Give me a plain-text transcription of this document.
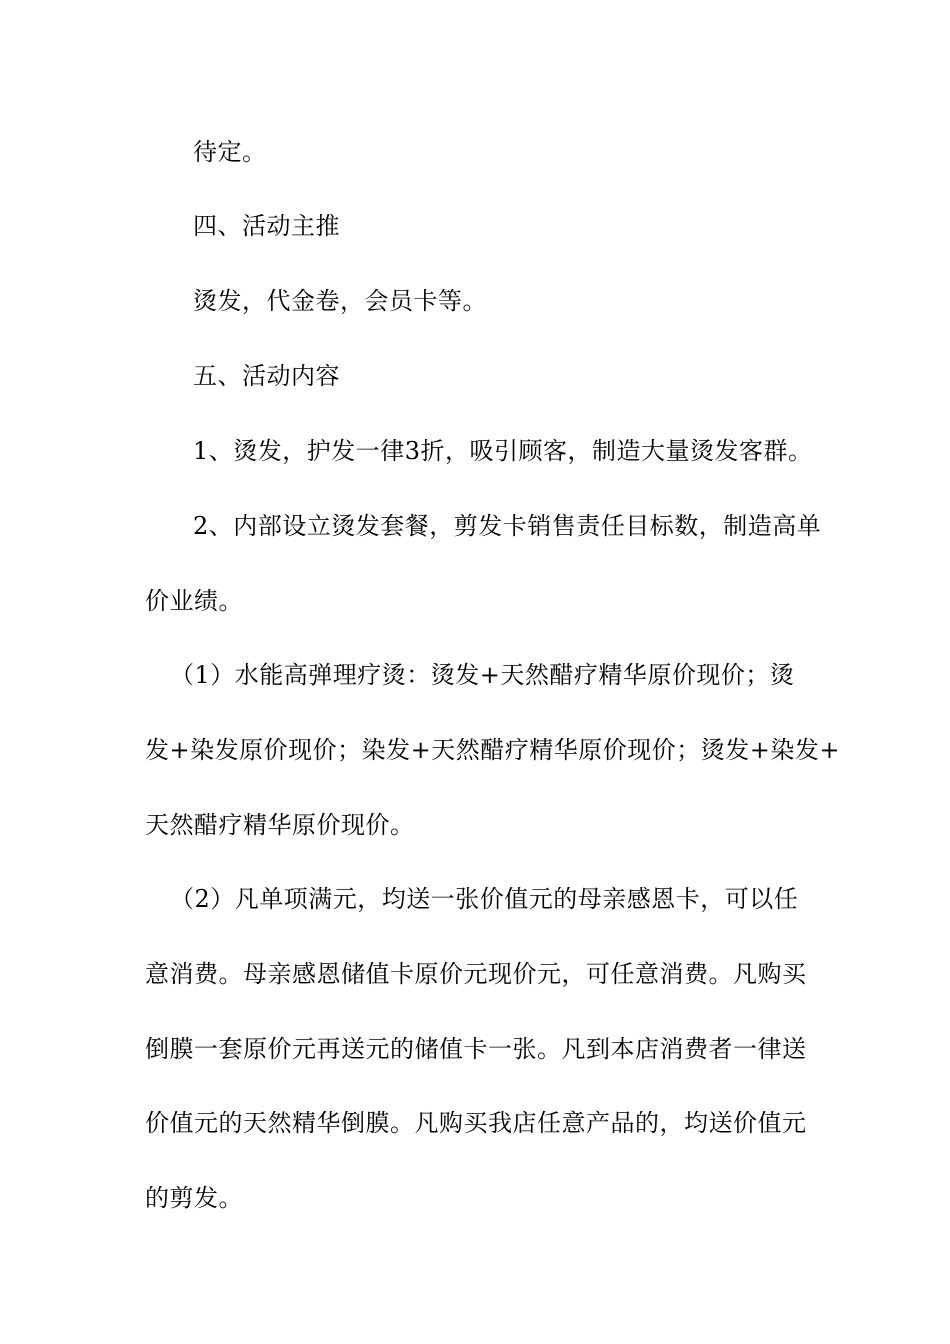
待定。
四、活动主推
烫发，代金卷，会员卡等。
五、活动内容
1、烫发，护发一律3折，吸引顾客，制造大量烫发客群。
2、内部设立烫发套餐，剪发卡销售责任目标数，制造高单
价业绩。
（1）水能高弹理疗烫：烫发+天然醋疗精华原价现价；烫
发+染发原价现价；染发+天然醋疗精华原价现价；烫发+染发+
天然醋疗精华原价现价。
（2）凡单项满元，均送一张价值元的母亲感恩卡，可以任
意消费。母亲感恩储值卡原价元现价元，可任意消费。凡购买
倒膜一套原价元再送元的储值卡一张。凡到本店消费者一律送
价值元的天然精华倒膜。凡购买我店任意产品的，均送价值元
的剪发。
